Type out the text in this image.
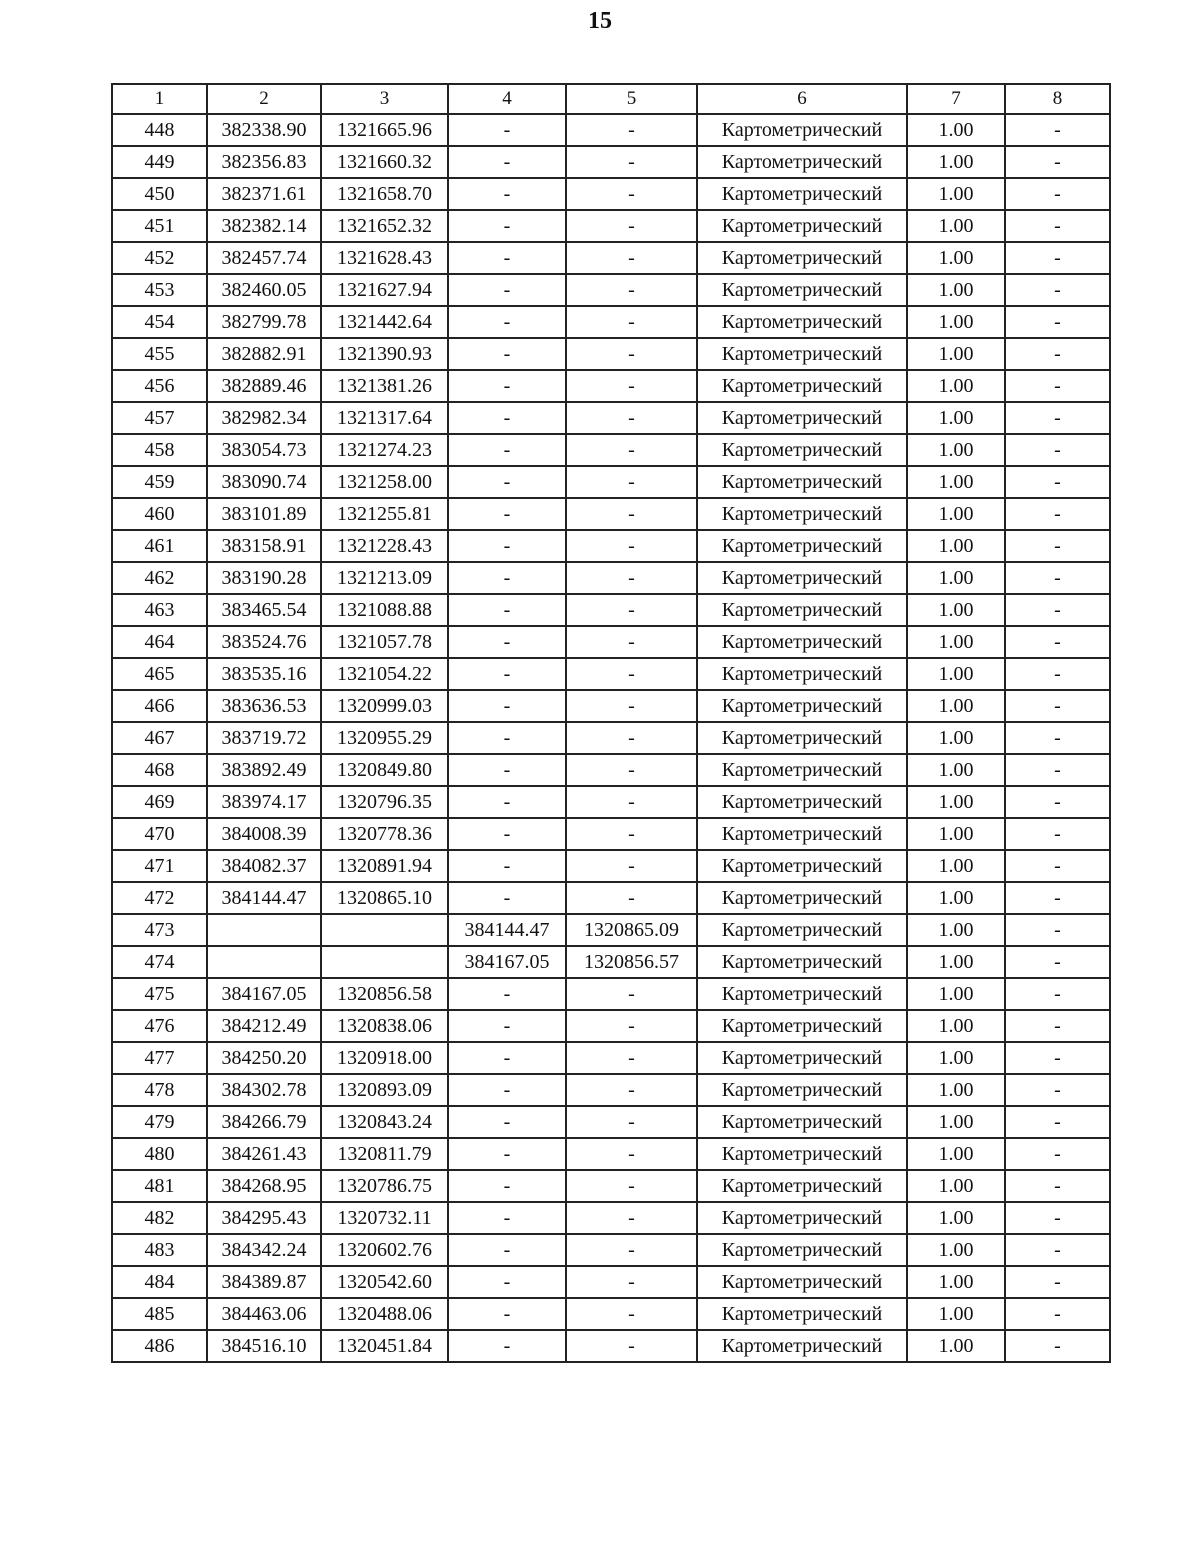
15
1	2	3	4	5	6	7	8
448	382338.90	1321665.96	-	-	Картометрический	1.00	-
449	382356.83	1321660.32	-	-	Картометрический	1.00	-
450	382371.61	1321658.70	-	-	Картометрический	1.00	-
451	382382.14	1321652.32	-	-	Картометрический	1.00	-
452	382457.74	1321628.43	-	-	Картометрический	1.00	-
453	382460.05	1321627.94	-	-	Картометрический	1.00	-
454	382799.78	1321442.64	-	-	Картометрический	1.00	-
455	382882.91	1321390.93	-	-	Картометрический	1.00	-
456	382889.46	1321381.26	-	-	Картометрический	1.00	-
457	382982.34	1321317.64	-	-	Картометрический	1.00	-
458	383054.73	1321274.23	-	-	Картометрический	1.00	-
459	383090.74	1321258.00	-	-	Картометрический	1.00	-
460	383101.89	1321255.81	-	-	Картометрический	1.00	-
461	383158.91	1321228.43	-	-	Картометрический	1.00	-
462	383190.28	1321213.09	-	-	Картометрический	1.00	-
463	383465.54	1321088.88	-	-	Картометрический	1.00	-
464	383524.76	1321057.78	-	-	Картометрический	1.00	-
465	383535.16	1321054.22	-	-	Картометрический	1.00	-
466	383636.53	1320999.03	-	-	Картометрический	1.00	-
467	383719.72	1320955.29	-	-	Картометрический	1.00	-
468	383892.49	1320849.80	-	-	Картометрический	1.00	-
469	383974.17	1320796.35	-	-	Картометрический	1.00	-
470	384008.39	1320778.36	-	-	Картометрический	1.00	-
471	384082.37	1320891.94	-	-	Картометрический	1.00	-
472	384144.47	1320865.10	-	-	Картометрический	1.00	-
473			384144.47	1320865.09	Картометрический	1.00	-
474			384167.05	1320856.57	Картометрический	1.00	-
475	384167.05	1320856.58	-	-	Картометрический	1.00	-
476	384212.49	1320838.06	-	-	Картометрический	1.00	-
477	384250.20	1320918.00	-	-	Картометрический	1.00	-
478	384302.78	1320893.09	-	-	Картометрический	1.00	-
479	384266.79	1320843.24	-	-	Картометрический	1.00	-
480	384261.43	1320811.79	-	-	Картометрический	1.00	-
481	384268.95	1320786.75	-	-	Картометрический	1.00	-
482	384295.43	1320732.11	-	-	Картометрический	1.00	-
483	384342.24	1320602.76	-	-	Картометрический	1.00	-
484	384389.87	1320542.60	-	-	Картометрический	1.00	-
485	384463.06	1320488.06	-	-	Картометрический	1.00	-
486	384516.10	1320451.84	-	-	Картометрический	1.00	-
